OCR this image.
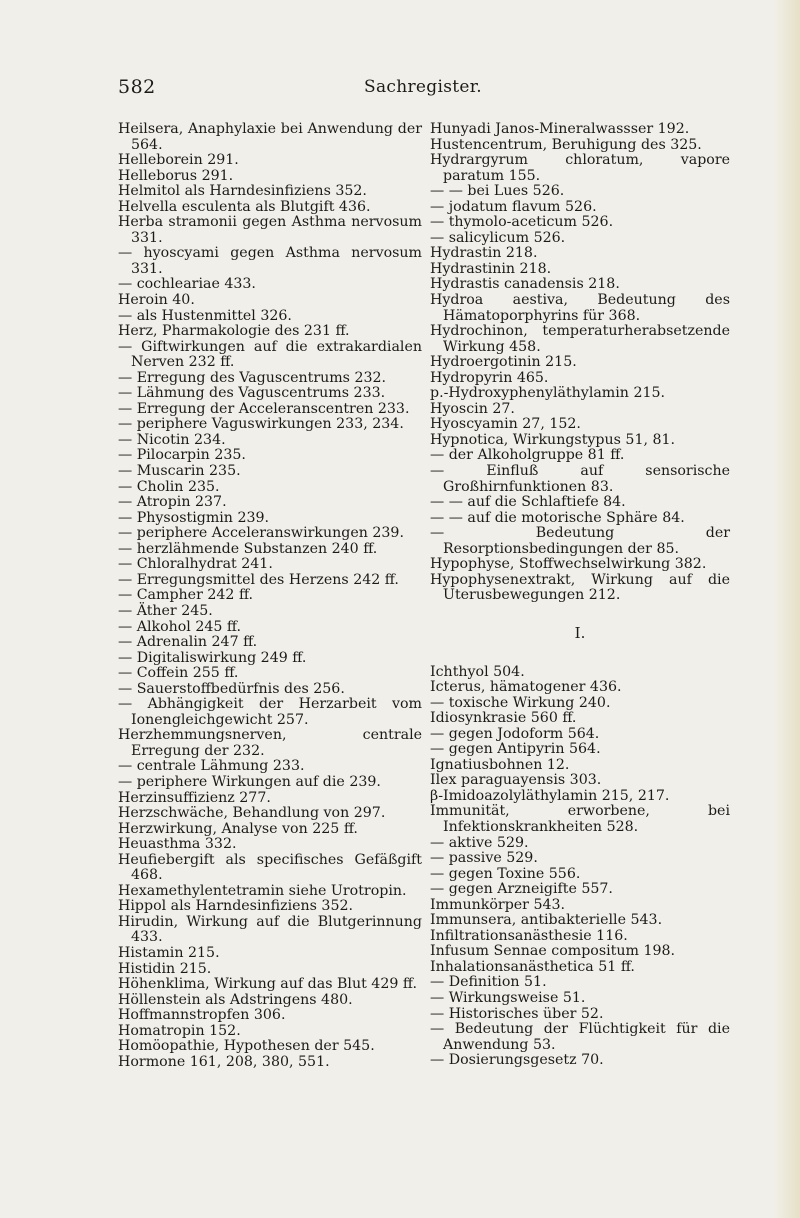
582	Sachregister.
Heilsera, Anaphylaxie bei Anwendung der 564.
Helleborein 291.
Helleborus 291.
Helmitol als Harndesinfiziens 352.
Helvella esculenta als Blutgift 436.
Herba stramonii gegen Asthma nervosum 331.
— hyoscyami gegen Asthma nervosum 331.
— cochleariae 433.
Heroin 40.
— als Hustenmittel 326.
Herz, Pharmakologie des 231 ff.
— Giftwirkungen auf die extrakardialen Nerven 232 ff.
— Erregung des Vaguscentrums 232.
— Lähmung des Vaguscentrums 233.
— Erregung der Acceleranscentren 233.
— periphere Vaguswirkungen 233, 234.
— Nicotin 234.
— Pilocarpin 235.
— Muscarin 235.
— Cholin 235.
— Atropin 237.
— Physostigmin 239.
— periphere Acceleranswirkungen 239.
— herzlähmende Substanzen 240 ff.
— Chloralhydrat 241.
— Erregungsmittel des Herzens 242 ff.
— Campher 242 ff.
— Äther 245.
— Alkohol 245 ff.
— Adrenalin 247 ff.
— Digitaliswirkung 249 ff.
— Coffein 255 ff.
— Sauerstoffbedürfnis des 256.
— Abhängigkeit der Herzarbeit vom Ionengleichgewicht 257.
Herzhemmungsnerven, centrale Erregung der 232.
— centrale Lähmung 233.
— periphere Wirkungen auf die 239.
Herzinsuffizienz 277.
Herzschwäche, Behandlung von 297.
Herzwirkung, Analyse von 225 ff.
Heuasthma 332.
Heufiebergift als specifisches Gefäßgift 468.
Hexamethylentetramin siehe Urotropin.
Hippol als Harndesinfiziens 352.
Hirudin, Wirkung auf die Blutgerinnung 433.
Histamin 215.
Histidin 215.
Höhenklima, Wirkung auf das Blut 429 ff.
Höllenstein als Adstringens 480.
Hoffmannstropfen 306.
Homatropin 152.
Homöopathie, Hypothesen der 545.
Hormone 161, 208, 380, 551.
Hunyadi Janos-Mineralwassser 192.
Hustencentrum, Beruhigung des 325.
Hydrargyrum chloratum, vapore paratum 155.
— — bei Lues 526.
— jodatum flavum 526.
— thymolo-aceticum 526.
— salicylicum 526.
Hydrastin 218.
Hydrastinin 218.
Hydrastis canadensis 218.
Hydroa aestiva, Bedeutung des Hämatoporphyrins für 368.
Hydrochinon, temperaturherabsetzende Wirkung 458.
Hydroergotinin 215.
Hydropyrin 465.
p.-Hydroxyphenyläthylamin 215.
Hyoscin 27.
Hyoscyamin 27, 152.
Hypnotica, Wirkungstypus 51, 81.
— der Alkoholgruppe 81 ff.
— Einfluß auf sensorische Großhirnfunktionen 83.
— — auf die Schlaftiefe 84.
— — auf die motorische Sphäre 84.
— Bedeutung der Resorptionsbedingungen der 85.
Hypophyse, Stoffwechselwirkung 382.
Hypophysenextrakt, Wirkung auf die Uterusbewegungen 212.
I.
Ichthyol 504.
Icterus, hämatogener 436.
— toxische Wirkung 240.
Idiosynkrasie 560 ff.
— gegen Jodoform 564.
— gegen Antipyrin 564.
Ignatiusbohnen 12.
Ilex paraguayensis 303.
β-Imidoazolyläthylamin 215, 217.
Immunität, erworbene, bei Infektionskrankheiten 528.
— aktive 529.
— passive 529.
— gegen Toxine 556.
— gegen Arzneigifte 557.
Immunkörper 543.
Immunsera, antibakterielle 543.
Infiltrationsanästhesie 116.
Infusum Sennae compositum 198.
Inhalationsanästhetica 51 ff.
— Definition 51.
— Wirkungsweise 51.
— Historisches über 52.
— Bedeutung der Flüchtigkeit für die Anwendung 53.
— Dosierungsgesetz 70.
